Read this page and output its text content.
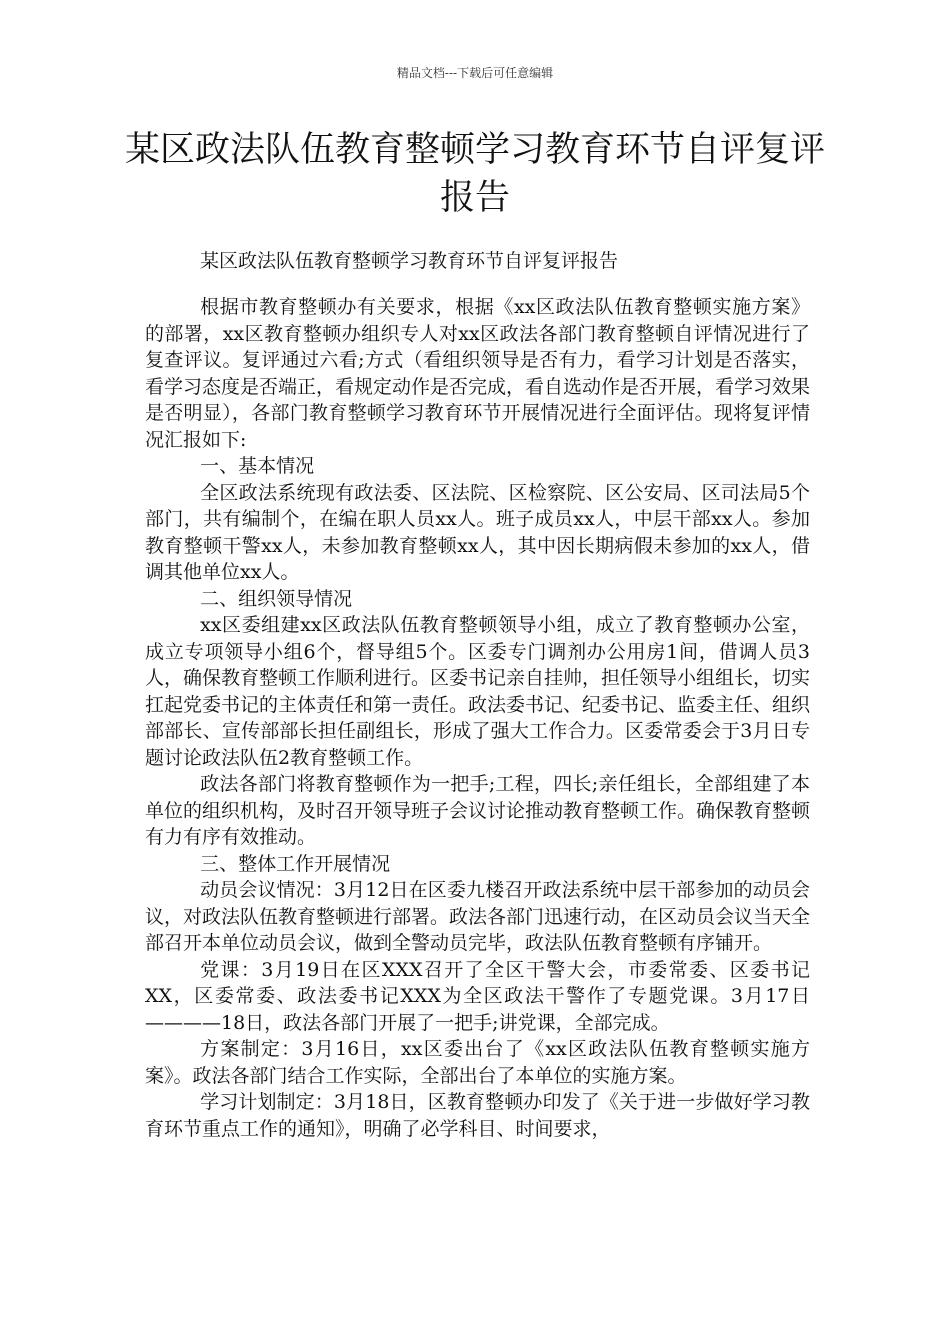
精品文档---下载后可任意编辑
某区政法队伍教育整顿学习教育环节自评复评报告

某区政法队伍教育整顿学习教育环节自评复评报告

根据市教育整顿办有关要求，根据《xx区政法队伍教育整顿实施方案》的部署，xx区教育整顿办组织专人对xx区政法各部门教育整顿自评情况进行了复查评议。复评通过六看;方式（看组织领导是否有力，看学习计划是否落实，看学习态度是否端正，看规定动作是否完成，看自选动作是否开展，看学习效果是否明显），各部门教育整顿学习教育环节开展情况进行全面评估。现将复评情况汇报如下:

一、基本情况

全区政法系统现有政法委、区法院、区检察院、区公安局、区司法局5个部门，共有编制个，在编在职人员xx人。班子成员xx人，中层干部xx人。参加教育整顿干警xx人，未参加教育整顿xx人，其中因长期病假未参加的xx人，借调其他单位xx人。

二、组织领导情况

xx区委组建xx区政法队伍教育整顿领导小组，成立了教育整顿办公室，成立专项领导小组6个，督导组5个。区委专门调剂办公用房1间，借调人员3人，确保教育整顿工作顺利进行。区委书记亲自挂帅，担任领导小组组长，切实扛起党委书记的主体责任和第一责任。政法委书记、纪委书记、监委主任、组织部部长、宣传部部长担任副组长，形成了强大工作合力。区委常委会于3月日专题讨论政法队伍2教育整顿工作。

政法各部门将教育整顿作为一把手;工程，四长;亲任组长，全部组建了本单位的组织机构，及时召开领导班子会议讨论推动教育整顿工作。确保教育整顿有力有序有效推动。

三、整体工作开展情况

动员会议情况：3月12日在区委九楼召开政法系统中层干部参加的动员会议，对政法队伍教育整顿进行部署。政法各部门迅速行动，在区动员会议当天全部召开本单位动员会议，做到全警动员完毕，政法队伍教育整顿有序铺开。

党课：3月19日在区XXX召开了全区干警大会，市委常委、区委书记XX，区委常委、政法委书记XXX为全区政法干警作了专题党课。3月17日————18日，政法各部门开展了一把手;讲党课，全部完成。

方案制定：3月16日，xx区委出台了《xx区政法队伍教育整顿实施方案》。政法各部门结合工作实际，全部出台了本单位的实施方案。

学习计划制定：3月18日，区教育整顿办印发了《关于进一步做好学习教育环节重点工作的通知》，明确了必学科目、时间要求，
